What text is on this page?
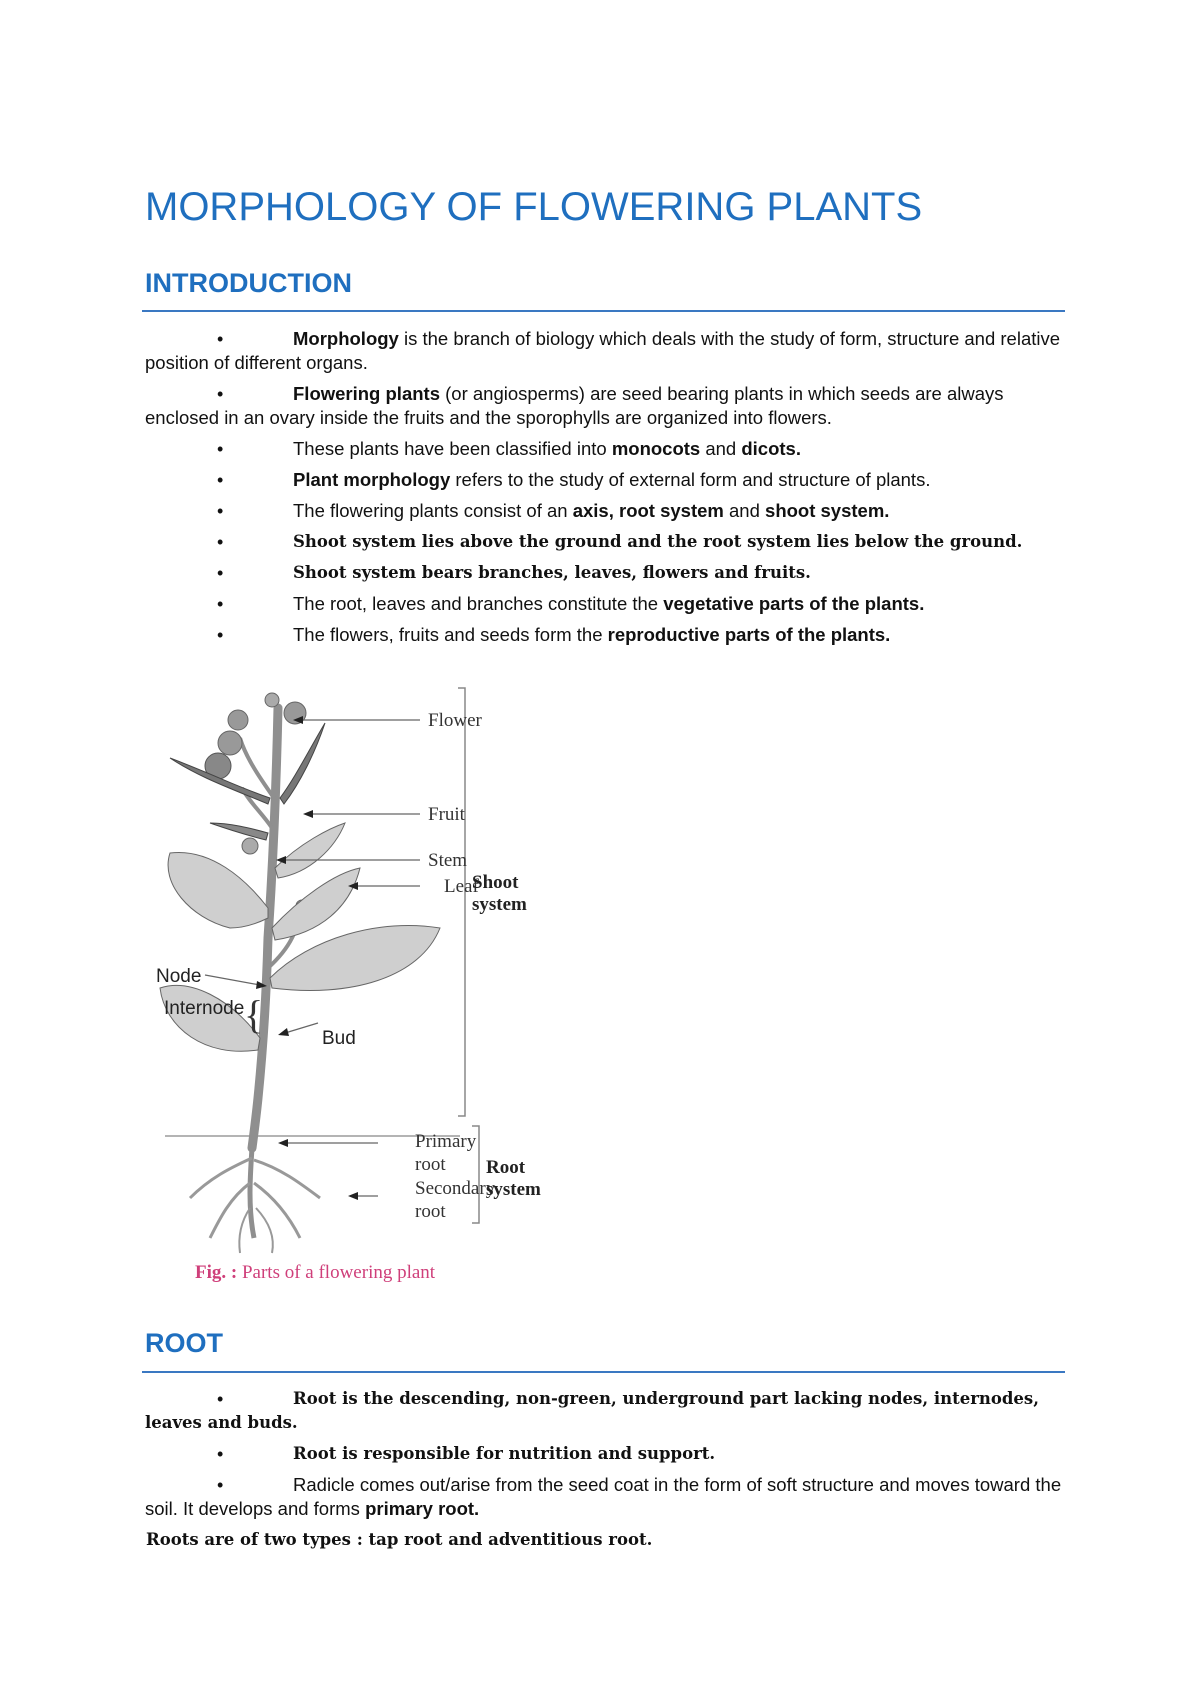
MORPHOLOGY OF FLOWERING PLANTS
INTRODUCTION
•	Morphology is the branch of biology which deals with the study of form, structure and relative position of different organs.
•	Flowering plants (or angiosperms) are seed bearing plants in which seeds are always enclosed in an ovary inside the fruits and the sporophylls are organized into flowers.
•	These plants have been classified into monocots and dicots.
•	Plant morphology refers to the study of external form and structure of plants.
•	The flowering plants consist of an axis, root system and shoot system.
•	Shoot system lies above the ground and the root system lies below the ground.
•	Shoot system bears branches, leaves, flowers and fruits.
•	The root, leaves and branches constitute the vegetative parts of the plants.
•	The flowers, fruits and seeds form the reproductive parts of the plants.
{
Flower
Fruit
Stem
Leaf
Shoot
system
Node
Internode
Bud
Primary
root
Secondary
root
Root
system
Fig. : Parts of a flowering plant
ROOT
•	Root is the descending, non-green, underground part lacking nodes, internodes, leaves and buds.
•	Root is responsible for nutrition and support.
•	Radicle comes out/arise from the seed coat in the form of soft structure and moves toward the soil. It develops and forms primary root.

Roots are of two types : tap root and adventitious root.
